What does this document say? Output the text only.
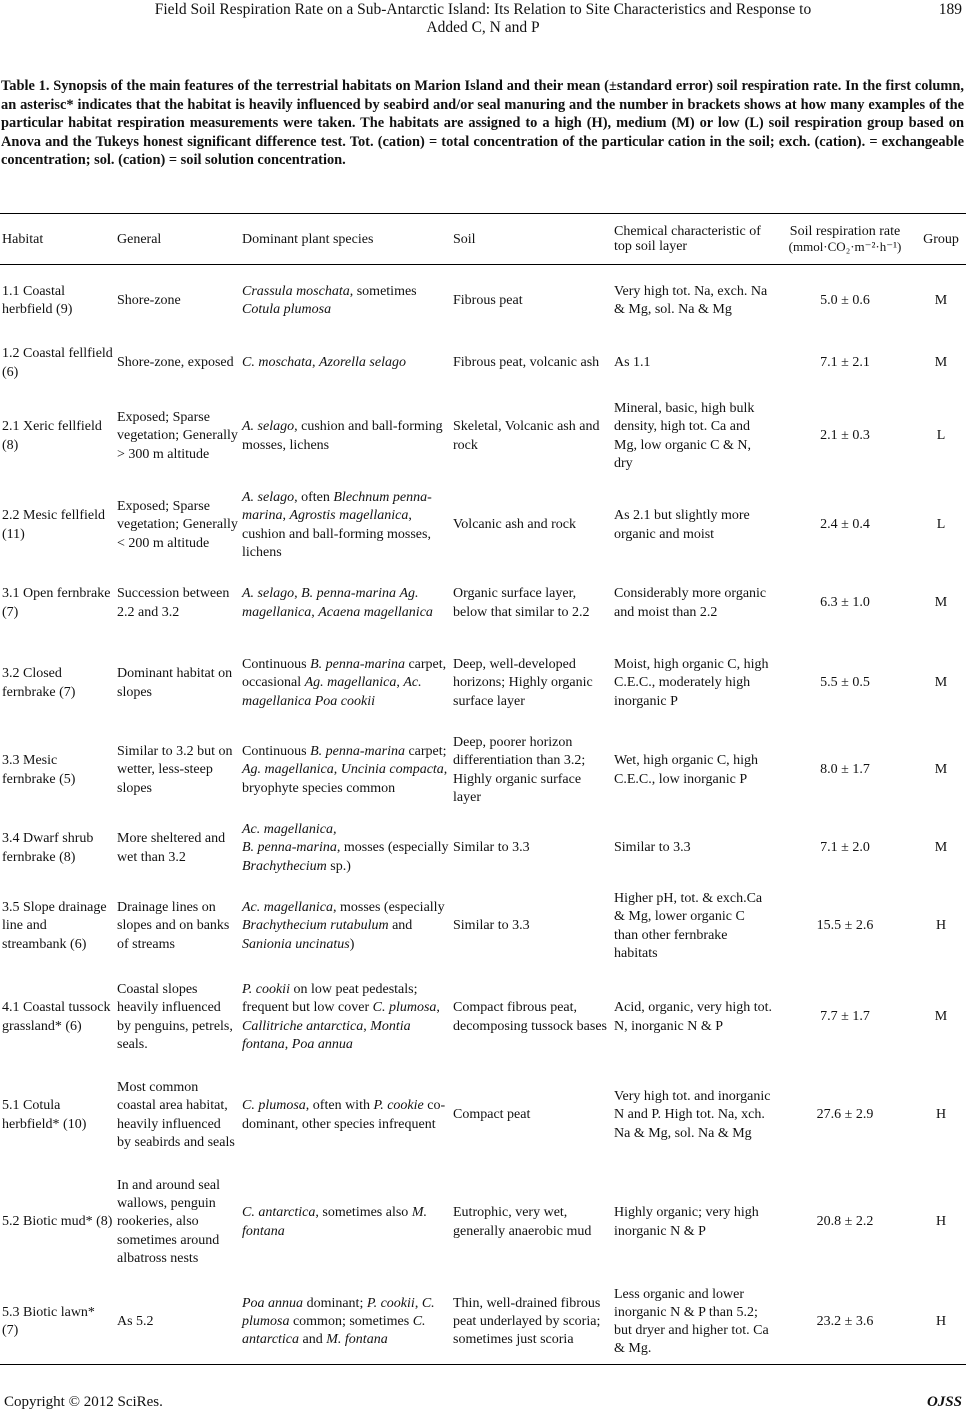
Field Soil Respiration Rate on a Sub-Antarctic Island: Its Relation to Site Characteristics and Response to
Added C, N and P
189

Table 1. Synopsis of the main features of the terrestrial habitats on Marion Island and their mean (±standard error) soil respiration rate. In the first column, an asterisc* indicates that the habitat is heavily influenced by seabird and/or seal manuring and the number in brackets shows at how many examples of the particular habitat respiration measurements were taken. The habitats are assigned to a high (H), medium (M) or low (L) soil respiration group based on Anova and the Tukeys honest significant difference test. Tot. (cation) = total concentration of the particular cation in the soil; exch. (cation). = exchangeable concentration; sol. (cation) = soil solution concentration.

Habitat	General	Dominant plant species	Soil	Chemical characteristic of top soil layer	Soil respiration rate
(mmol·CO₂·m⁻²·h⁻¹)	Group
1.1 Coastal herbfield (9)	Shore-zone	Crassula moschata, sometimes Cotula plumosa	Fibrous peat	Very high tot. Na, exch. Na & Mg, sol. Na & Mg	5.0 ± 0.6	M
1.2 Coastal fellfield (6)	Shore-zone, exposed	C. moschata, Azorella selago	Fibrous peat, volcanic ash	As 1.1	7.1 ± 2.1	M
2.1 Xeric fellfield (8)	Exposed; Sparse vegetation; Generally > 300 m altitude	A. selago, cushion and ball-forming mosses, lichens	Skeletal, Volcanic ash and rock	Mineral, basic, high bulk density, high tot. Ca and Mg, low organic C & N, dry	2.1 ± 0.3	L
2.2 Mesic fellfield (11)	Exposed; Sparse vegetation; Generally < 200 m altitude	A. selago, often Blechnum penna-marina, Agrostis magellanica, cushion and ball-forming mosses, lichens	Volcanic ash and rock	As 2.1 but slightly more organic and moist	2.4 ± 0.4	L
3.1 Open fernbrake (7)	Succession between 2.2 and 3.2	A. selago, B. penna-marina Ag. magellanica, Acaena magellanica	Organic surface layer, below that similar to 2.2	Considerably more organic and moist than 2.2	6.3 ± 1.0	M
3.2 Closed fernbrake (7)	Dominant habitat on slopes	Continuous B. penna-marina carpet, occasional Ag. magellanica, Ac. magellanica Poa cookii	Deep, well-developed horizons; Highly organic surface layer	Moist, high organic C, high C.E.C., moderately high inorganic P	5.5 ± 0.5	M
3.3 Mesic fernbrake (5)	Similar to 3.2 but on wetter, less-steep slopes	Continuous B. penna-marina carpet; Ag. magellanica, Uncinia compacta, bryophyte species common	Deep, poorer horizon differentiation than 3.2; Highly organic surface layer	Wet, high organic C, high C.E.C., low inorganic P	8.0 ± 1.7	M
3.4 Dwarf shrub fernbrake (8)	More sheltered and wet than 3.2	Ac. magellanica,
B. penna-marina, mosses (especially Brachythecium sp.)	Similar to 3.3	Similar to 3.3	7.1 ± 2.0	M
3.5 Slope drainage line and streambank (6)	Drainage lines on slopes and on banks of streams	Ac. magellanica, mosses (especially Brachythecium rutabulum and Sanionia uncinatus)	Similar to 3.3	Higher pH, tot. & exch.Ca & Mg, lower organic C than other fernbrake habitats	15.5 ± 2.6	H
4.1 Coastal tussock grassland* (6)	Coastal slopes heavily influenced by penguins, petrels, seals.	P. cookii on low peat pedestals; frequent but low cover C. plumosa, Callitriche antarctica, Montia fontana, Poa annua	Compact fibrous peat, decomposing tussock bases	Acid, organic, very high tot. N, inorganic N & P	7.7 ± 1.7	M
5.1 Cotula herbfield* (10)	Most common coastal area habitat, heavily influenced by seabirds and seals	C. plumosa, often with P. cookie co-dominant, other species infrequent	Compact peat	Very high tot. and inorganic N and P. High tot. Na, xch. Na & Mg, sol. Na & Mg	27.6 ± 2.9	H
5.2 Biotic mud* (8)	In and around seal wallows, penguin rookeries, also sometimes around albatross nests	C. antarctica, sometimes also M. fontana	Eutrophic, very wet, generally anaerobic mud	Highly organic; very high inorganic N & P	20.8 ± 2.2	H
5.3 Biotic lawn* (7)	As 5.2	Poa annua dominant; P. cookii, C. plumosa common; sometimes C. antarctica and M. fontana	Thin, well-drained fibrous peat underlayed by scoria; sometimes just scoria	Less organic and lower inorganic N & P than 5.2; but dryer and higher tot. Ca & Mg.	23.2 ± 3.6	H
Copyright © 2012 SciRes.	OJSS
